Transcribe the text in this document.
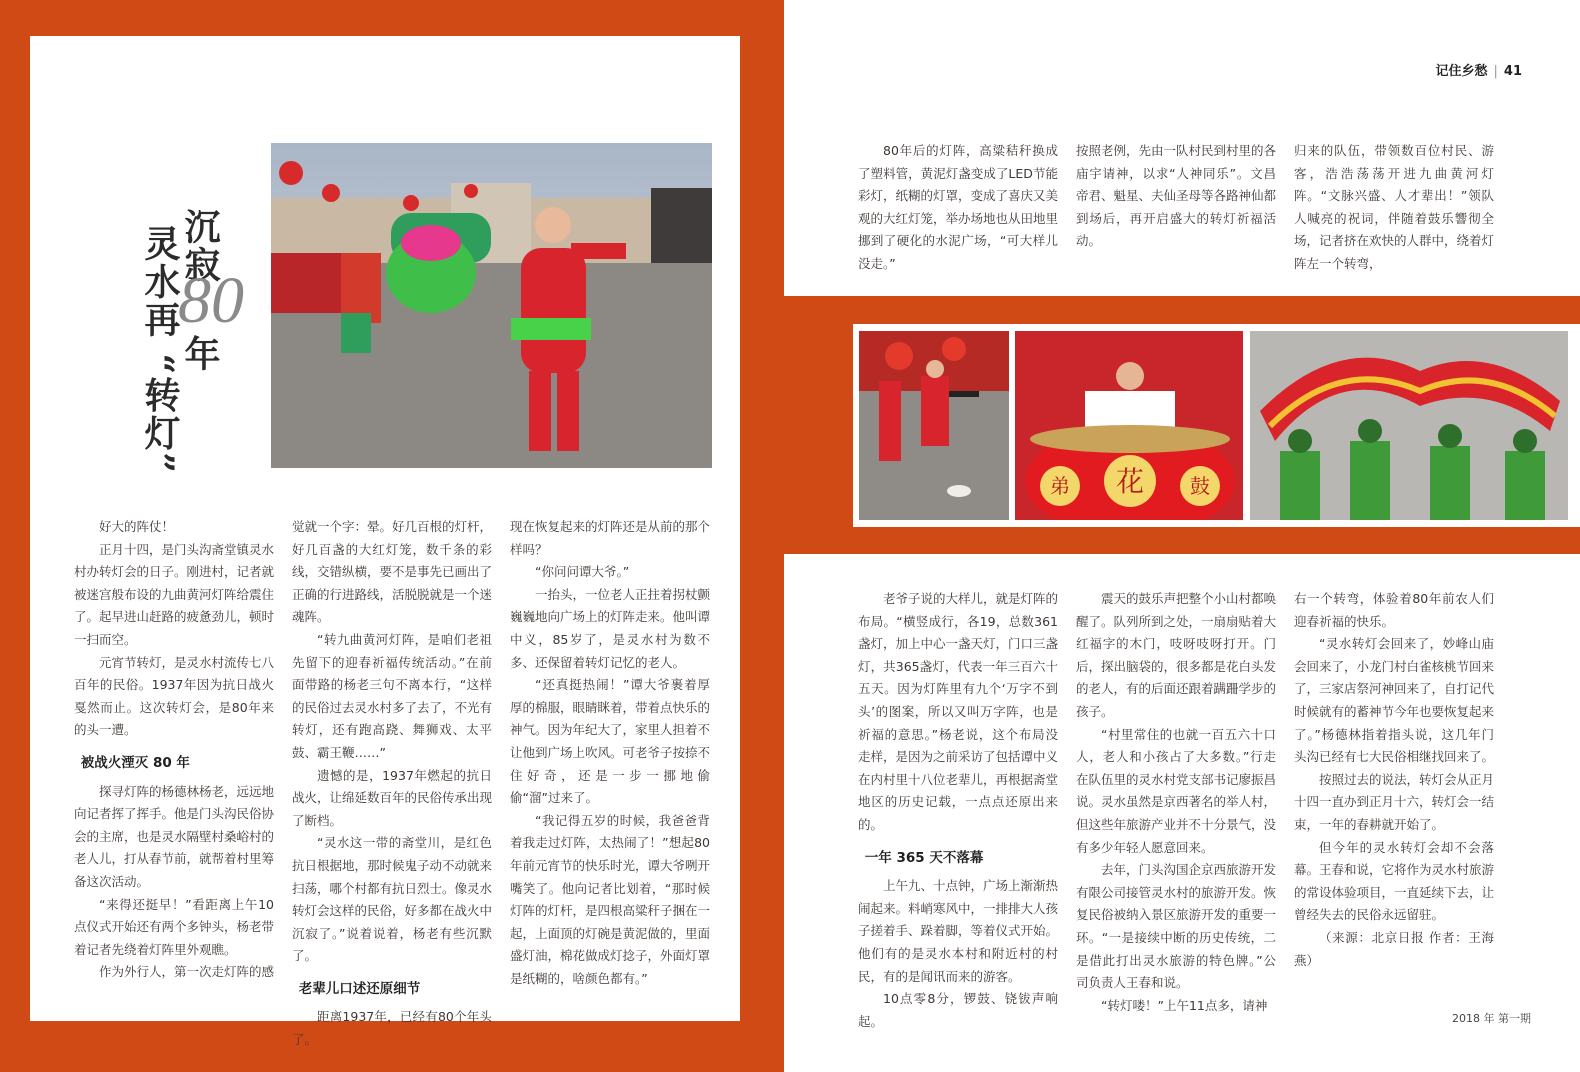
沉寂
80
年
灵水再 “转灯”

好大的阵仗！

正月十四，是门头沟斋堂镇灵水村办转灯会的日子。刚进村，记者就被迷宫般布设的九曲黄河灯阵给震住了。起早进山赶路的疲惫劲儿，顿时一扫而空。

元宵节转灯，是灵水村流传七八百年的民俗。1937年因为抗日战火戛然而止。这次转灯会，是80年来的头一遭。

被战火湮灭 80 年

探寻灯阵的杨德林杨老，远远地向记者挥了挥手。他是门头沟民俗协会的主席，也是灵水隔壁村桑峪村的老人儿，打从春节前，就帮着村里筹备这次活动。

“来得还挺早！”看距离上午10点仪式开始还有两个多钟头，杨老带着记者先绕着灯阵里外观瞧。

作为外行人，第一次走灯阵的感

觉就一个字：晕。好几百根的灯杆，好几百盏的大红灯笼，数千条的彩线，交错纵横，要不是事先已画出了正确的行进路线，活脱脱就是一个迷魂阵。

“转九曲黄河灯阵，是咱们老祖先留下的迎春祈福传统活动。”在前面带路的杨老三句不离本行，“这样的民俗过去灵水村多了去了，不光有转灯，还有跑高跷、舞狮戏、太平鼓、霸王鞭……”

遗憾的是，1937年燃起的抗日战火，让绵延数百年的民俗传承出现了断档。

“灵水这一带的斋堂川，是红色抗日根据地，那时候鬼子动不动就来扫荡，哪个村都有抗日烈士。像灵水转灯会这样的民俗，好多都在战火中沉寂了。”说着说着，杨老有些沉默了。

老辈儿口述还原细节

距离1937年，已经有80个年头了。

现在恢复起来的灯阵还是从前的那个样吗？

“你问问谭大爷。”

一抬头，一位老人正拄着拐杖颤巍巍地向广场上的灯阵走来。他叫谭中义，85岁了，是灵水村为数不多、还保留着转灯记忆的老人。

“还真挺热闹！”谭大爷裹着厚厚的棉服，眼睛眯着，带着点快乐的神气。因为年纪大了，家里人担着不让他到广场上吹风。可老爷子按捺不住好奇，还是一步一挪地偷偷“溜”过来了。

“我记得五岁的时候，我爸爸背着我走过灯阵，太热闹了！”想起80年前元宵节的快乐时光，谭大爷咧开嘴笑了。他向记者比划着，“那时候灯阵的灯杆，是四根高粱秆子捆在一起，上面顶的灯碗是黄泥做的，里面盛灯油，棉花做成灯捻子，外面灯罩是纸糊的，啥颜色都有。”

记住乡愁 | 41

80年后的灯阵，高粱秸秆换成了塑料管，黄泥灯盏变成了LED节能彩灯，纸糊的灯罩，变成了喜庆又美观的大红灯笼，举办场地也从田地里挪到了硬化的水泥广场，“可大样儿没走。”

按照老例，先由一队村民到村里的各庙宇请神，以求“人神同乐”。文昌帝君、魁星、夫仙圣母等各路神仙都到场后，再开启盛大的转灯祈福活动。

归来的队伍，带领数百位村民、游客，浩浩荡荡开进九曲黄河灯阵。“文脉兴盛、人才辈出！”领队人喊亮的祝词，伴随着鼓乐響彻全场，记者挤在欢快的人群中，绕着灯阵左一个转弯，

弟 花 鼓

老爷子说的大样儿，就是灯阵的布局。“横竖成行，各19，总数361盏灯，加上中心一盏天灯，门口三盏灯，共365盏灯，代表一年三百六十五天。因为灯阵里有九个‘万字不到头’的图案，所以又叫万字阵，也是祈福的意思。”杨老说，这个布局没走样，是因为之前采访了包括谭中义在内村里十八位老辈儿，再根据斋堂地区的历史记载，一点点还原出来的。

一年 365 天不落幕

上午九、十点钟，广场上渐渐热闹起来。料峭寒风中，一排排大人孩子搓着手、跺着脚，等着仪式开始。他们有的是灵水本村和附近村的村民，有的是闻讯而来的游客。

10点零8分，锣鼓、铙钹声响起。

震天的鼓乐声把整个小山村都唤醒了。队列所到之处，一扇扇贴着大红福字的木门，吱呀吱呀打开。门后，探出脑袋的，很多都是花白头发的老人，有的后面还跟着蹒跚学步的孩子。

“村里常住的也就一百五六十口人，老人和小孩占了大多数。”行走在队伍里的灵水村党支部书记廖振昌说。灵水虽然是京西著名的举人村，但这些年旅游产业并不十分景气，没有多少年轻人愿意回来。

去年，门头沟国企京西旅游开发有限公司接管灵水村的旅游开发。恢复民俗被纳入景区旅游开发的重要一环。“一是接续中断的历史传统，二是借此打出灵水旅游的特色牌。”公司负责人王春和说。

“转灯喽！”上午11点多，请神

右一个转弯，体验着80年前农人们迎春祈福的快乐。

“灵水转灯会回来了，妙峰山庙会回来了，小龙门村白雀核桃节回来了，三家店祭河神回来了，自打记代时候就有的蓄神节今年也要恢复起来了。”杨德林指着指头说，这几年门头沟已经有七大民俗相继找回来了。

按照过去的说法，转灯会从正月十四一直办到正月十六，转灯会一结束，一年的春耕就开始了。

但今年的灵水转灯会却不会落幕。王春和说，它将作为灵水村旅游的常设体验项目，一直延续下去，让曾经失去的民俗永远留驻。

（来源：北京日报 作者：王海燕）

2018 年 第一期
